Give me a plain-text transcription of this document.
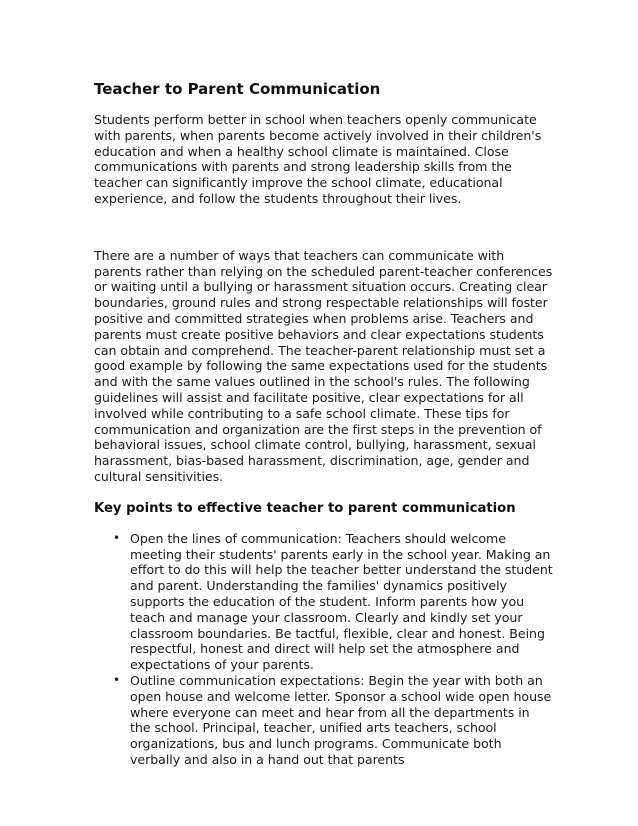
Teacher to Parent Communication

Students perform better in school when teachers openly communicate with parents, when parents become actively involved in their children's education and when a healthy school climate is maintained. Close communications with parents and strong leadership skills from the teacher can significantly improve the school climate, educational experience, and follow the students throughout their lives.

There are a number of ways that teachers can communicate with parents rather than relying on the scheduled parent-teacher conferences or waiting until a bullying or harassment situation occurs. Creating clear boundaries, ground rules and strong respectable relationships will foster positive and committed strategies when problems arise. Teachers and parents must create positive behaviors and clear expectations students can obtain and comprehend. The teacher-parent relationship must set a good example by following the same expectations used for the students and with the same values outlined in the school's rules. The following guidelines will assist and facilitate positive, clear expectations for all involved while contributing to a safe school climate. These tips for communication and organization are the first steps in the prevention of behavioral issues, school climate control, bullying, harassment, sexual harassment, bias-based harassment, discrimination, age, gender and cultural sensitivities.

Key points to effective teacher to parent communication
• Open the lines of communication: Teachers should welcome meeting their students' parents early in the school year. Making an effort to do this will help the teacher better understand the student and parent. Understanding the families' dynamics positively supports the education of the student. Inform parents how you teach and manage your classroom. Clearly and kindly set your classroom boundaries. Be tactful, flexible, clear and honest. Being respectful, honest and direct will help set the atmosphere and expectations of your parents.
• Outline communication expectations: Begin the year with both an open house and welcome letter. Sponsor a school wide open house where everyone can meet and hear from all the departments in the school. Principal, teacher, unified arts teachers, school organizations, bus and lunch programs. Communicate both verbally and also in a hand out that parents
